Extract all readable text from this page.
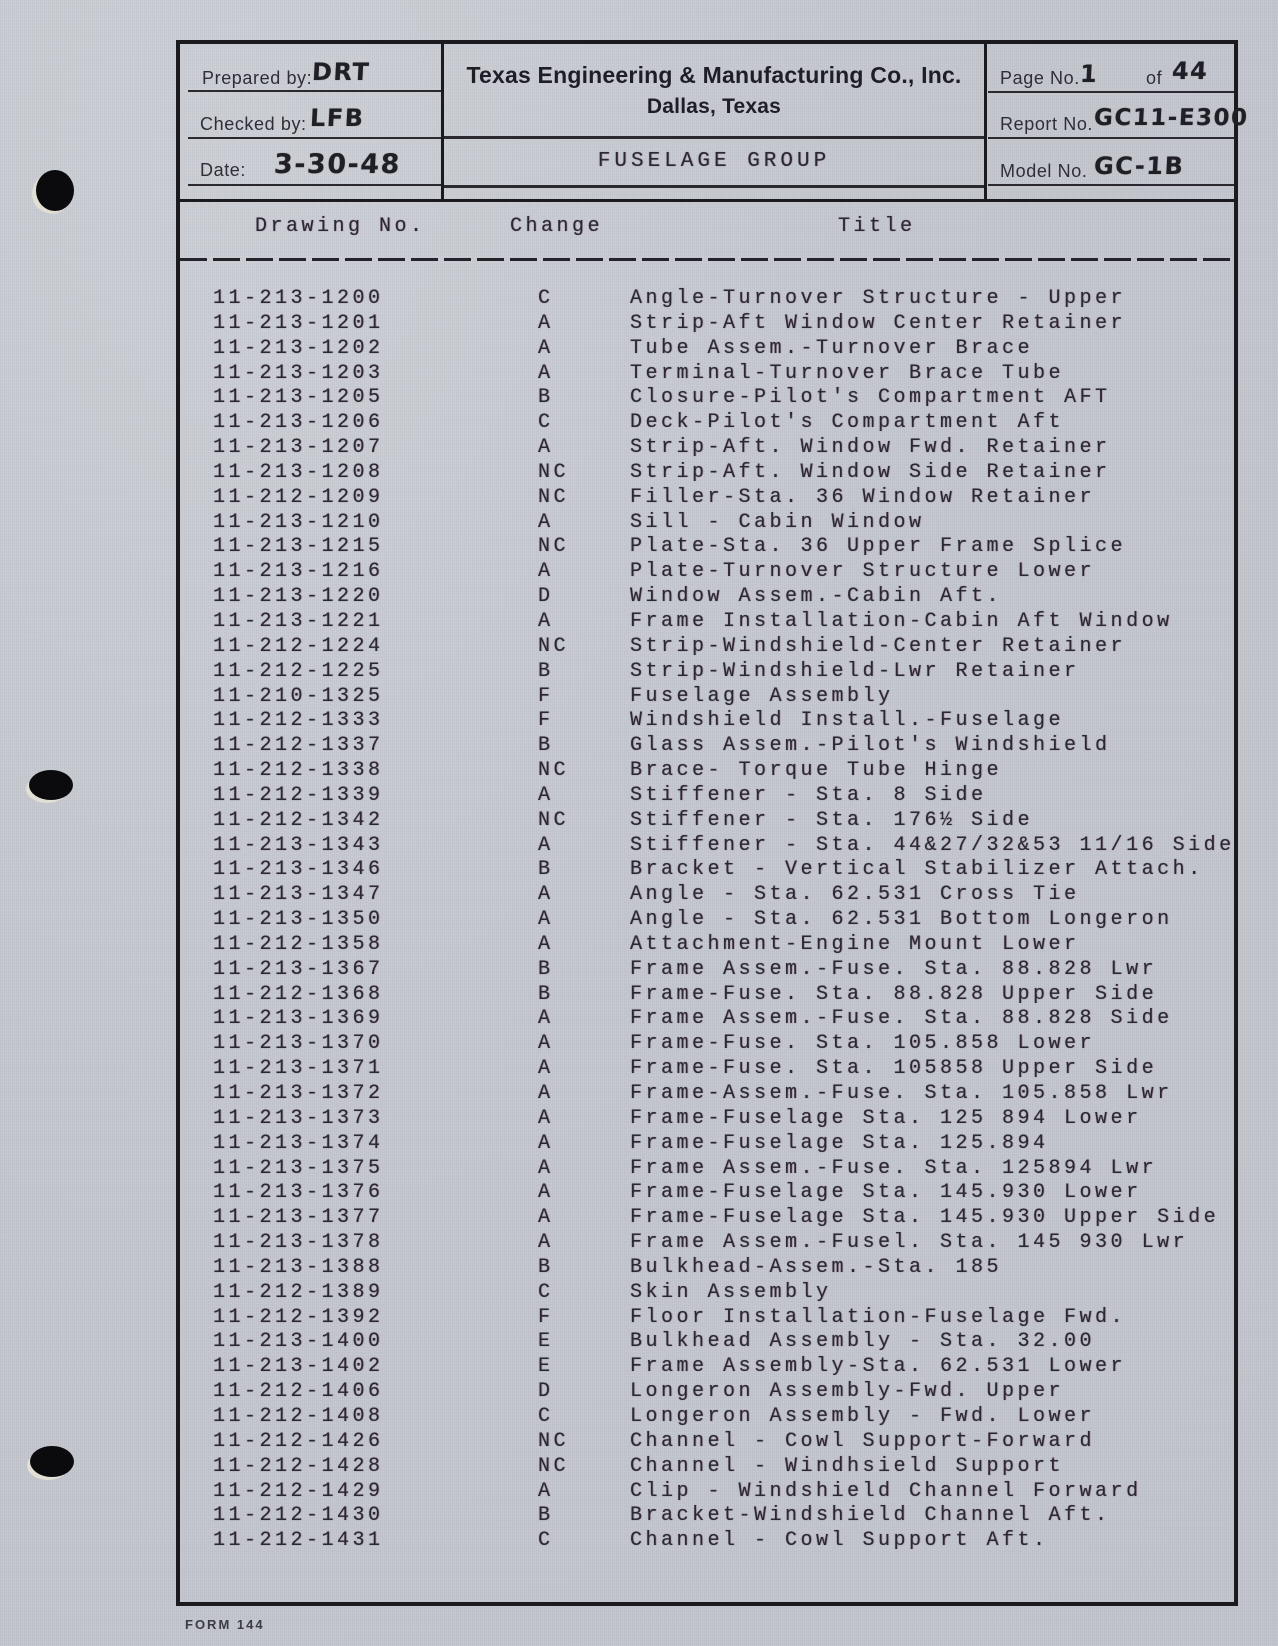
Prepared by: DRT
Checked by: LFB
Date: 3-30-48
Texas Engineering & Manufacturing Co., Inc.
Dallas, Texas
FUSELAGE GROUP
Page No. 1	of 44
Report No. GC11-E300
Model No. GC-1B
Drawing No.	Change	Title
11-213-1200	C	Angle-Turnover Structure - Upper
11-213-1201	A	Strip-Aft Window Center Retainer
11-213-1202	A	Tube Assem.-Turnover Brace
11-213-1203	A	Terminal-Turnover Brace Tube
11-213-1205	B	Closure-Pilot's Compartment AFT
11-213-1206	C	Deck-Pilot's Compartment Aft
11-213-1207	A	Strip-Aft. Window Fwd. Retainer
11-213-1208	NC	Strip-Aft. Window Side Retainer
11-212-1209	NC	Filler-Sta. 36 Window Retainer
11-213-1210	A	Sill - Cabin Window
11-213-1215	NC	Plate-Sta. 36 Upper Frame Splice
11-213-1216	A	Plate-Turnover Structure Lower
11-213-1220	D	Window Assem.-Cabin Aft.
11-213-1221	A	Frame Installation-Cabin Aft Window
11-212-1224	NC	Strip-Windshield-Center Retainer
11-212-1225	B	Strip-Windshield-Lwr Retainer
11-210-1325	F	Fuselage Assembly
11-212-1333	F	Windshield Install.-Fuselage
11-212-1337	B	Glass Assem.-Pilot's Windshield
11-212-1338	NC	Brace- Torque Tube Hinge
11-212-1339	A	Stiffener - Sta. 8 Side
11-212-1342	NC	Stiffener - Sta. 176½ Side
11-213-1343	A	Stiffener - Sta. 44&27/32&53 11/16 Side
11-213-1346	B	Bracket - Vertical Stabilizer Attach.
11-213-1347	A	Angle - Sta. 62.531 Cross Tie
11-213-1350	A	Angle - Sta. 62.531 Bottom Longeron
11-212-1358	A	Attachment-Engine Mount Lower
11-213-1367	B	Frame Assem.-Fuse. Sta. 88.828 Lwr
11-212-1368	B	Frame-Fuse. Sta. 88.828 Upper Side
11-213-1369	A	Frame Assem.-Fuse. Sta. 88.828 Side
11-213-1370	A	Frame-Fuse. Sta. 105.858 Lower
11-213-1371	A	Frame-Fuse. Sta. 105858 Upper Side
11-213-1372	A	Frame-Assem.-Fuse. Sta. 105.858 Lwr
11-213-1373	A	Frame-Fuselage Sta. 125 894 Lower
11-213-1374	A	Frame-Fuselage Sta. 125.894
11-213-1375	A	Frame Assem.-Fuse. Sta. 125894 Lwr
11-213-1376	A	Frame-Fuselage Sta. 145.930 Lower
11-213-1377	A	Frame-Fuselage Sta. 145.930 Upper Side
11-213-1378	A	Frame Assem.-Fusel. Sta. 145 930 Lwr
11-213-1388	B	Bulkhead-Assem.-Sta. 185
11-212-1389	C	Skin Assembly
11-212-1392	F	Floor Installation-Fuselage Fwd.
11-213-1400	E	Bulkhead Assembly - Sta. 32.00
11-213-1402	E	Frame Assembly-Sta. 62.531 Lower
11-212-1406	D	Longeron Assembly-Fwd. Upper
11-212-1408	C	Longeron Assembly - Fwd. Lower
11-212-1426	NC	Channel - Cowl Support-Forward
11-212-1428	NC	Channel - Windhsield Support
11-212-1429	A	Clip - Windshield Channel Forward
11-212-1430	B	Bracket-Windshield Channel Aft.
11-212-1431	C	Channel - Cowl Support Aft.
FORM 144
